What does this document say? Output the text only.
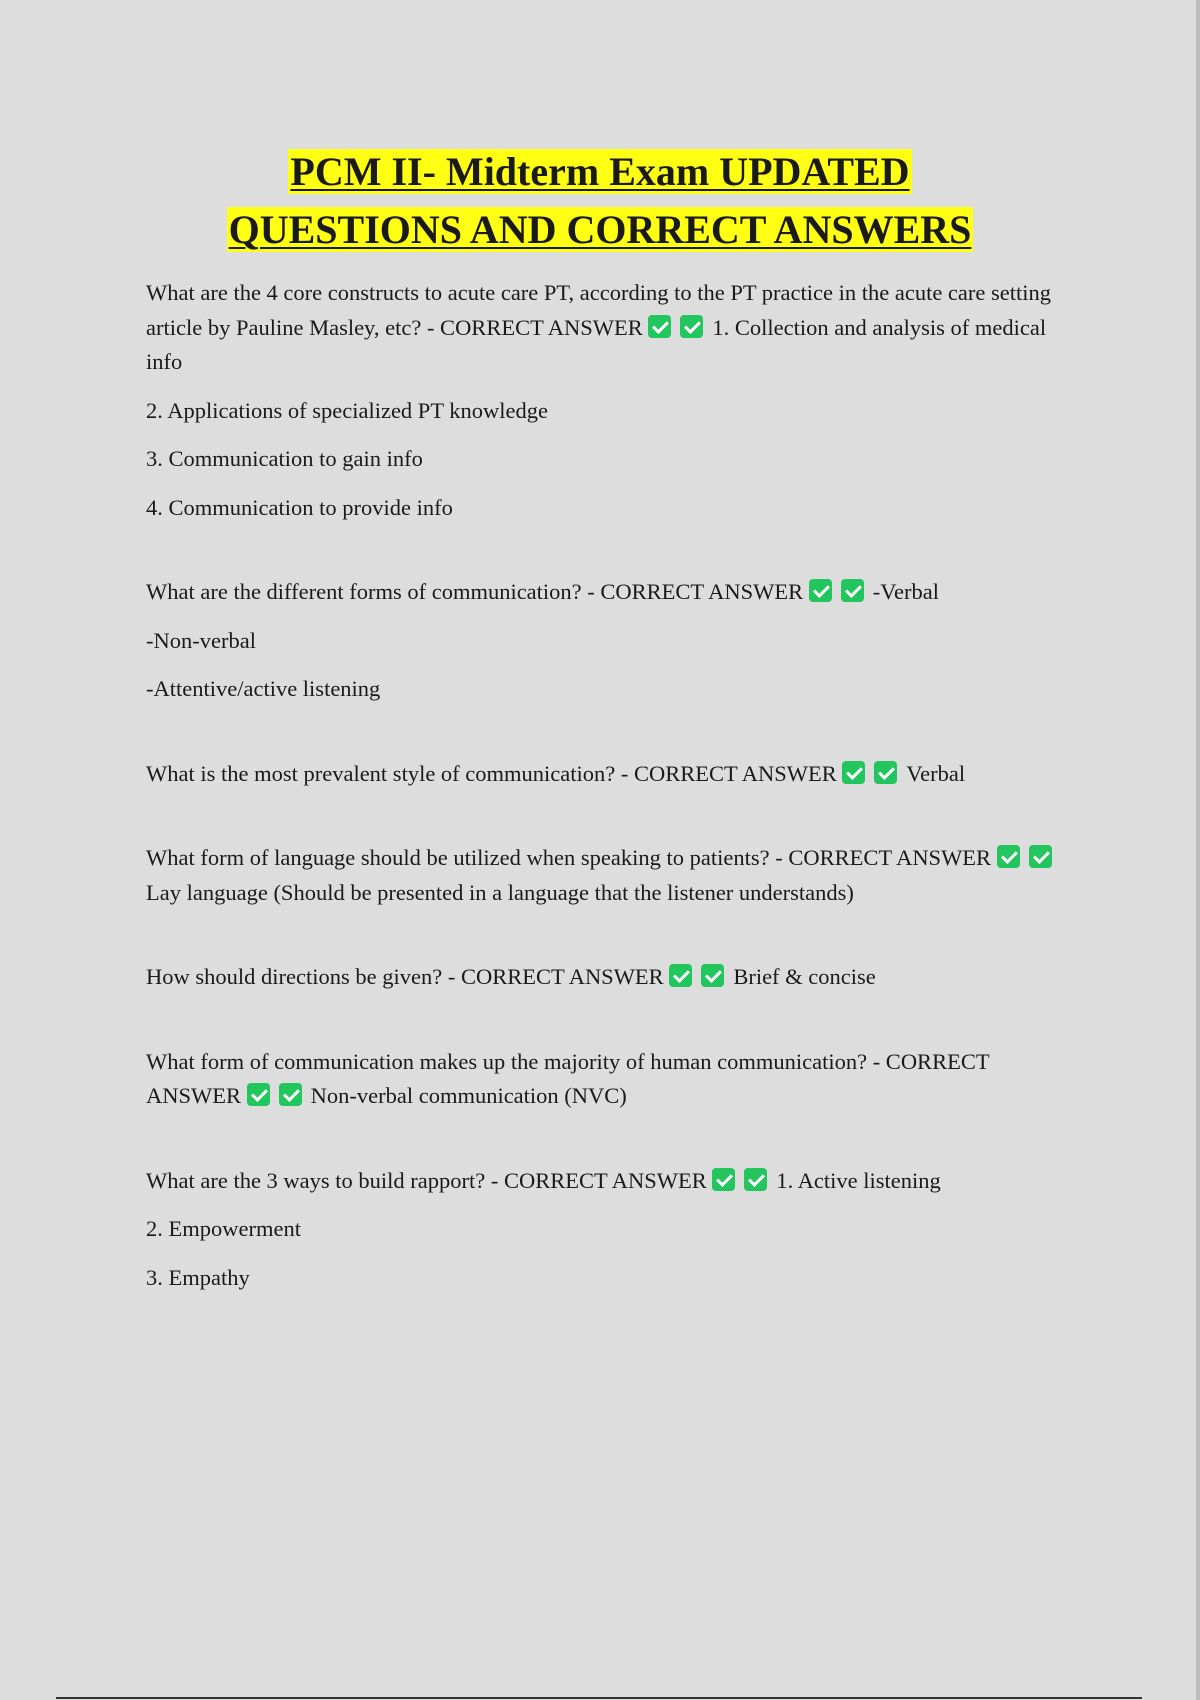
PCM II- Midterm Exam UPDATED
QUESTIONS AND CORRECT ANSWERS

What are the 4 core constructs to acute care PT, according to the PT practice in the acute care setting article by Pauline Masley, etc? - CORRECT ANSWER	1. Collection and analysis of medical info

2. Applications of specialized PT knowledge

3. Communication to gain info

4. Communication to provide info

What are the different forms of communication? - CORRECT ANSWER	-Verbal

-Non-verbal

-Attentive/active listening

What is the most prevalent style of communication? - CORRECT ANSWER	Verbal

What form of language should be utilized when speaking to patients? - CORRECT ANSWER Lay language (Should be presented in a language that the listener understands)

How should directions be given? - CORRECT ANSWER	Brief & concise

What form of communication makes up the majority of human communication? - CORRECT ANSWER	Non-verbal communication (NVC)

What are the 3 ways to build rapport? - CORRECT ANSWER	1. Active listening

2. Empowerment

3. Empathy
